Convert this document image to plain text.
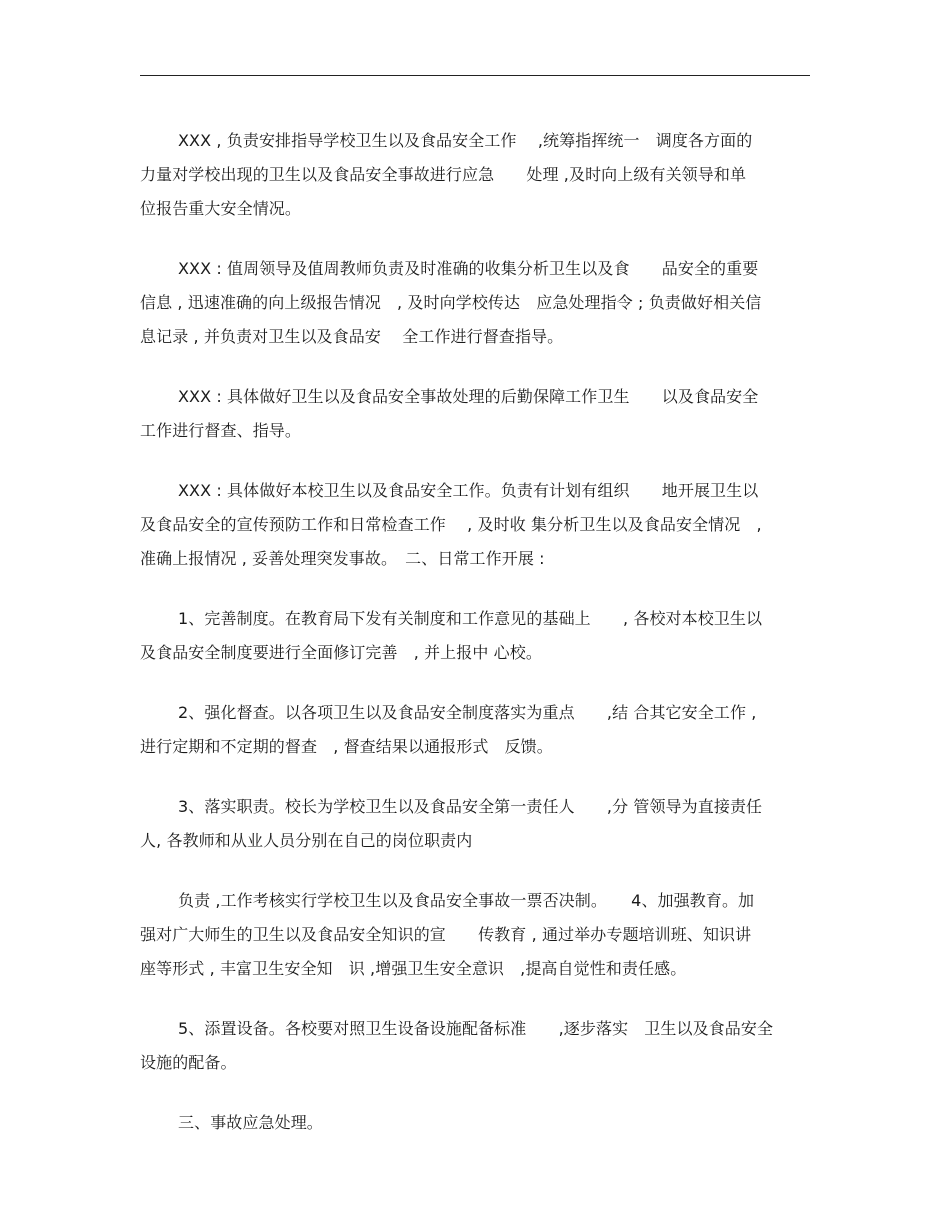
XXX , 负责安排指导学校卫生以及食品安全工作　 ,统筹指挥统一　调度各方面的
力量对学校出现的卫生以及食品安全事故进行应急　　处理 ,及时向上级有关领导和单
位报告重大安全情况。

XXX : 值周领导及值周教师负责及时准确的收集分析卫生以及食　　品安全的重要
信息 , 迅速准确的向上级报告情况　, 及时向学校传达　应急处理指令 ; 负责做好相关信
息记录 , 并负责对卫生以及食品安　 全工作进行督查指导。

XXX : 具体做好卫生以及食品安全事故处理的后勤保障工作卫生　　以及食品安全
工作进行督查、指导。

XXX : 具体做好本校卫生以及食品安全工作。负责有计划有组织　　地开展卫生以
及食品安全的宣传预防工作和日常检查工作　 , 及时收 集分析卫生以及食品安全情况　,
准确上报情况 , 妥善处理突发事故。　二、日常工作开展 :

1、完善制度。在教育局下发有关制度和工作意见的基础上　　, 各校对本校卫生以
及食品安全制度要进行全面修订完善　, 并上报中 心校。

2、强化督查。以各项卫生以及食品安全制度落实为重点　　,结 合其它安全工作 ,
进行定期和不定期的督查　, 督查结果以通报形式　反馈。

3、落实职责。校长为学校卫生以及食品安全第一责任人　　,分 管领导为直接责任
人, 各教师和从业人员分别在自己的岗位职责内

负责 ,工作考核实行学校卫生以及食品安全事故一票否决制。　　4、加强教育。加
强对广大师生的卫生以及食品安全知识的宣　　传教育 , 通过举办专题培训班、知识讲
座等形式 , 丰富卫生安全知　识 ,增强卫生安全意识　,提高自觉性和责任感。

5、添置设备。各校要对照卫生设备设施配备标准　　,逐步落实　卫生以及食品安全
设施的配备。

三、事故应急处理。
